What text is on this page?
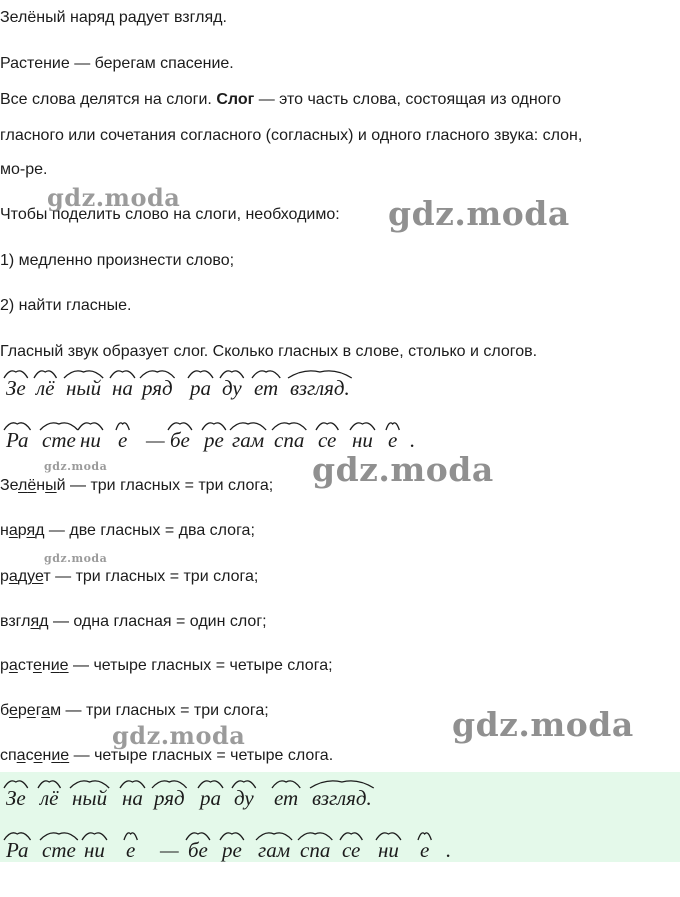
Зелёный наряд радует взгляд.
Растение — берегам спасение.
Все слова делятся на слоги. Слог — это часть слова, состоящая из одного
гласного или сочетания согласного (согласных) и одного гласного звука: слон,
мо-ре.
Чтобы поделить слово на слоги, необходимо:
1) медленно произнести слово;
2) найти гласные.
Гласный звук образует слог. Сколько гласных в слове, столько и слогов.
Зе лё ный на ряд ра ду ет взгляд.
Ра сте ни е — бе ре гам спа се ни е .
Зелёный — три гласных = три слога;
наряд — две гласных = два слога;
радует — три гласных = три слога;
взгляд — одна гласная = один слог;
растение — четыре гласных = четыре слога;
берегам — три гласных = три слога;
спасение — четыре гласных = четыре слога.
Зе лё ный на ряд ра ду ет взгляд.
Ра сте ни е — бе ре гам спа се ни е .
gdz.moda	gdz.moda
gdz.moda	gdz.moda
gdz.moda
gdz.moda
gdz.moda
